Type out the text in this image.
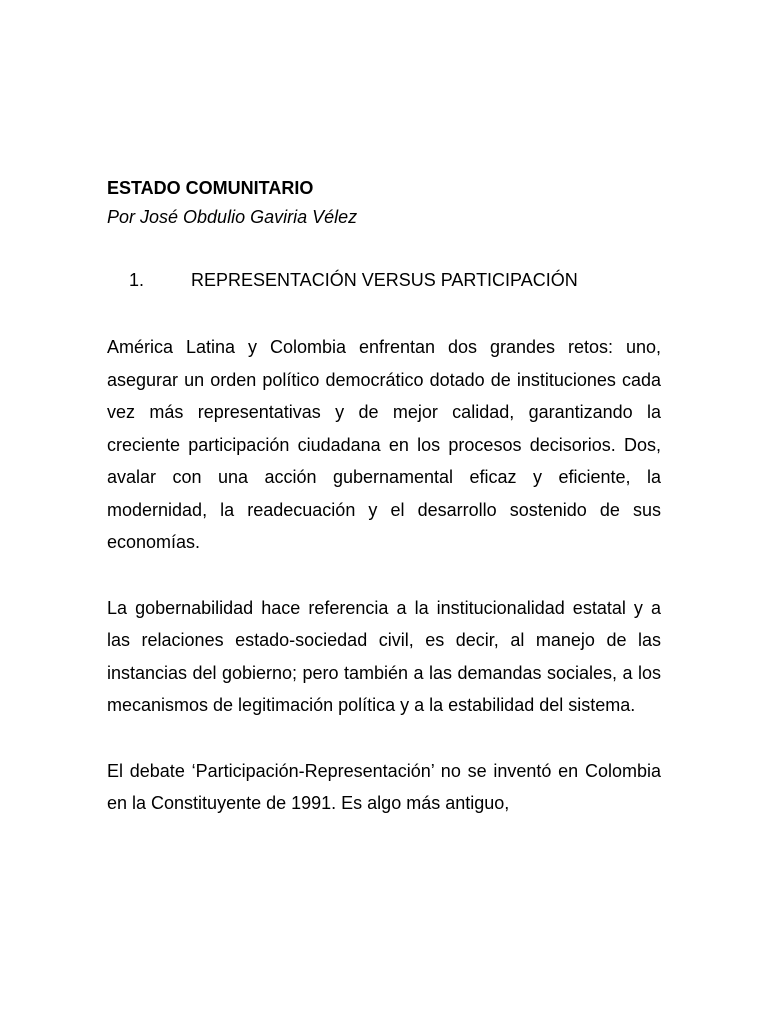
ESTADO COMUNITARIO

Por José Obdulio Gaviria Vélez

1.	REPRESENTACIÓN VERSUS PARTICIPACIÓN

América Latina y Colombia enfrentan dos grandes retos: uno, asegurar un orden político democrático dotado de instituciones cada vez más representativas y de mejor calidad, garantizando la creciente participación ciudadana en los procesos decisorios. Dos, avalar con una acción gubernamental eficaz y eficiente, la modernidad, la readecuación y el desarrollo sostenido de sus economías.

La gobernabilidad hace referencia a la institucionalidad estatal y a las relaciones estado-sociedad civil, es decir, al manejo de las instancias del gobierno; pero también a las demandas sociales, a los mecanismos de legitimación política y a la estabilidad del sistema.

El debate ‘Participación-Representación’ no se inventó en Colombia en la Constituyente de 1991. Es algo más antiguo,
